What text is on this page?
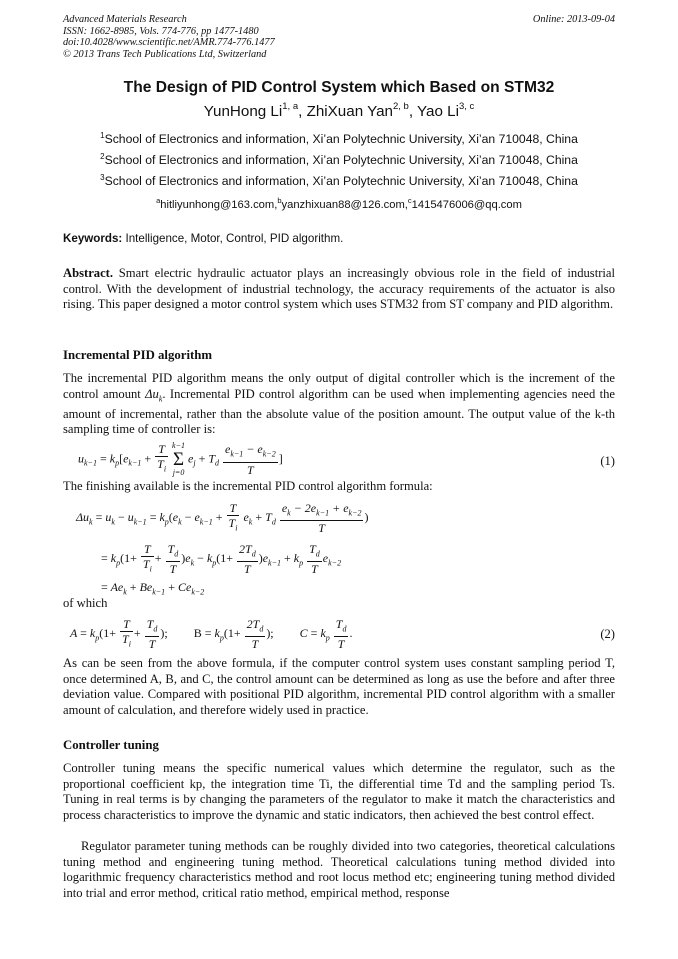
Advanced Materials Research
ISSN: 1662-8985, Vols. 774-776, pp 1477-1480
doi:10.4028/www.scientific.net/AMR.774-776.1477
© 2013 Trans Tech Publications Ltd, Switzerland
Online: 2013-09-04
The Design of PID Control System which Based on STM32
YunHong Li$^{1, a}$, ZhiXuan Yan$^{2, b}$, Yao Li$^{3, c}$
$^1$School of Electronics and information, Xi’an Polytechnic University, Xi’an 710048, China
$^2$School of Electronics and information, Xi’an Polytechnic University, Xi’an 710048, China
$^3$School of Electronics and information, Xi’an Polytechnic University, Xi’an 710048, China
$^a$hitliyunhong@163.com,$^b$yanzhixuan88@126.com,$^c$1415476006@qq.com
Keywords: Intelligence, Motor, Control, PID algorithm.
Abstract. Smart electric hydraulic actuator plays an increasingly obvious role in the field of industrial control. With the development of industrial technology, the accuracy requirements of the actuator is also rising. This paper designed a motor control system which uses STM32 from ST company and PID algorithm.
Incremental PID algorithm
The incremental PID algorithm means the only output of digital controller which is the increment of the control amount $\Delta u_k$. Incremental PID control algorithm can be used when implementing agencies need the amount of incremental, rather than the absolute value of the position amount. The output value of the k-th sampling time of controller is:
$u_{k-1} = k_p[e_{k-1} + \frac{T}{T_i}$
k−1
Σ
j=0
$e_j + T_d \frac{e_{k-1} - e_{k-2}}{T}$ ]	(1)
The finishing available is the incremental PID control algorithm formula:
$\Delta u_k = u_k - u_{k-1} = k_p(e_k - e_{k-1} + \frac{T}{T_i} e_k + T_d \frac{e_k - 2e_{k-1} + e_{k-2}}{T}$ )
= $k_p(1+ \frac{T}{T_i} + \frac{T_d}{T} )e_k - k_p(1+ \frac{2T_d}{T} )e_{k-1} + k_p \frac{T_d}{T} e_{k-2}$
= $Ae_k + Be_{k-1} + Ce_{k-2}$
of which
$A = k_p(1+ \frac{T}{T_i} + \frac{T_d}{T}$ ); $B = k_p(1+ \frac{2T_d}{T}$ );  $C = k_p \frac{T_d}{T}$ .	(2)
As can be seen from the above formula, if the computer control system uses constant sampling period T, once determined A, B, and C, the control amount can be determined as long as use the before and after three deviation value. Compared with positional PID algorithm, incremental PID control algorithm with a smaller amount of calculation, and therefore widely used in practice.
Controller tuning
Controller tuning means the specific numerical values which determine the regulator, such as the proportional coefficient kp, the integration time Ti, the differential time Td and the sampling period Ts. Tuning in real terms is by changing the parameters of the regulator to make it match the characteristics and process characteristics to improve the dynamic and static indicators, then achieved the best control effect.
Regulator parameter tuning methods can be roughly divided into two categories, theoretical calculations tuning method and engineering tuning method. Theoretical calculations tuning method divided into logarithmic frequency characteristics method and root locus method etc; engineering tuning method divided into trial and error method, critical ratio method, empirical method, response
